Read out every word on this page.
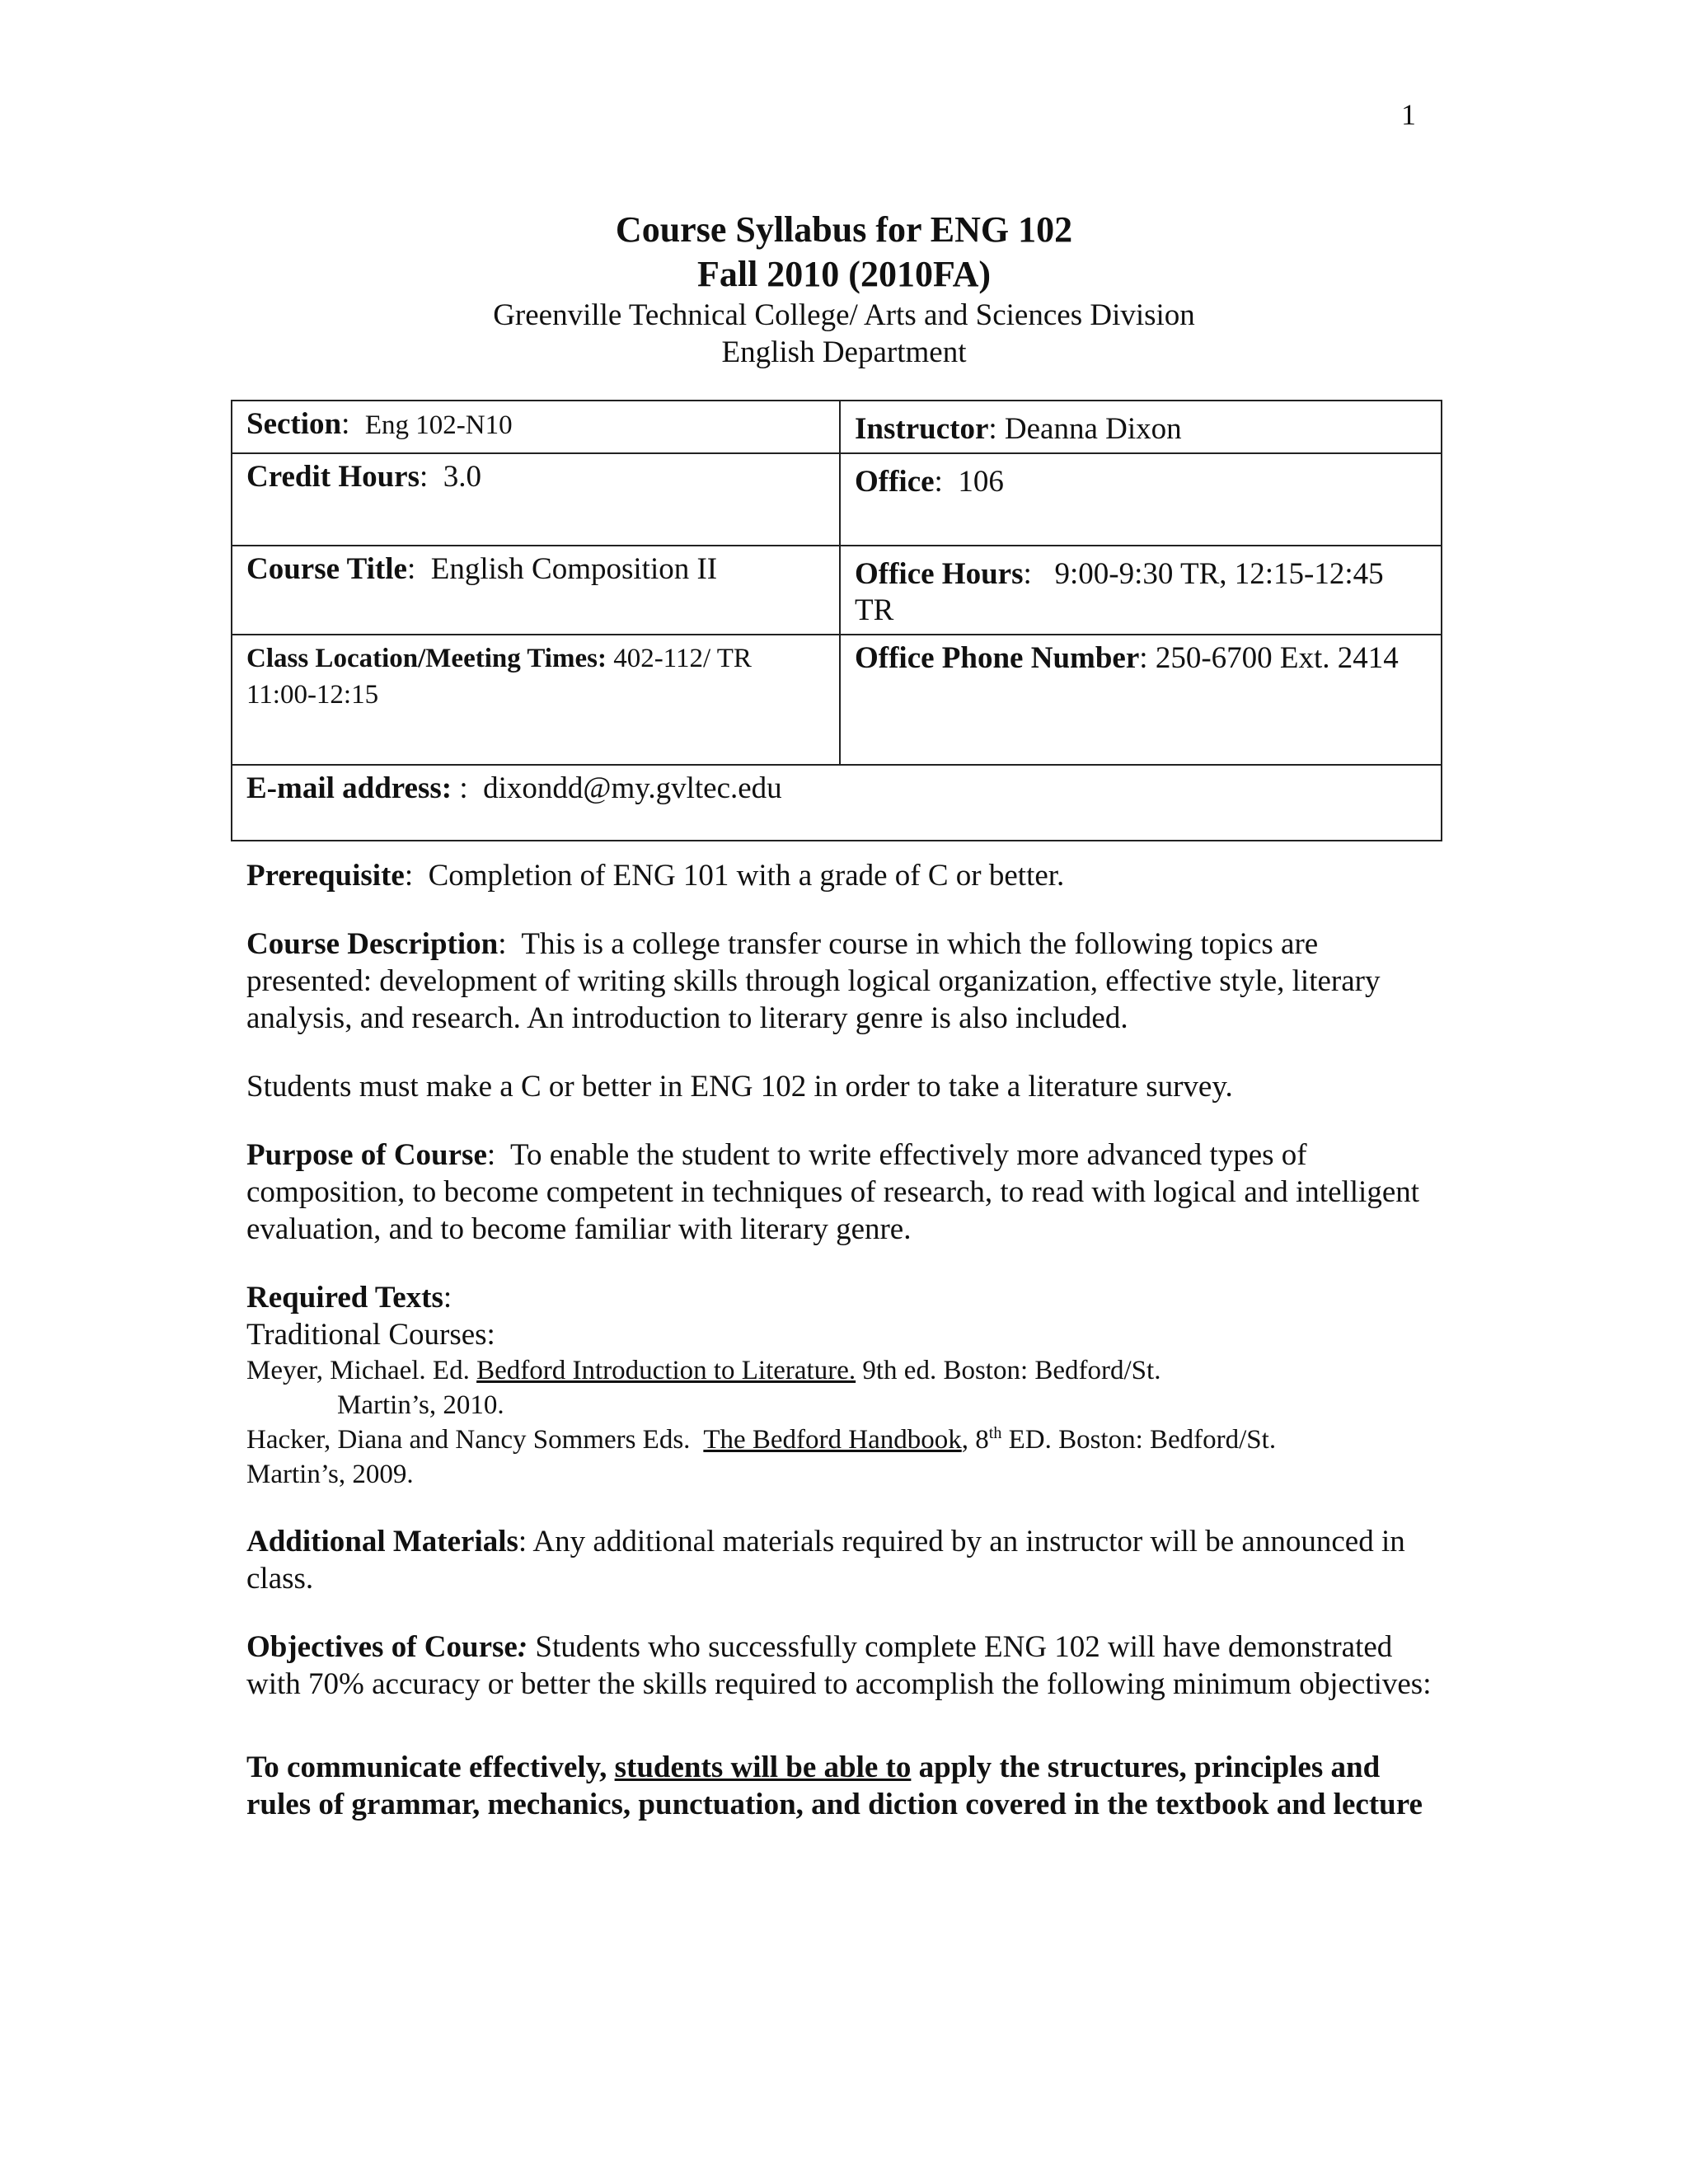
1
Course Syllabus for ENG 102
Fall 2010 (2010FA)
Greenville Technical College/ Arts and Sciences Division
English Department
Section:  Eng 102-N10	Instructor: Deanna Dixon
Credit Hours:  3.0	Office:  106
Course Title:  English Composition II	Office Hours:   9:00-9:30 TR, 12:15-12:45 TR
Class Location/Meeting Times: 402-112/ TR 11:00-12:15	Office Phone Number: 250-6700 Ext. 2414
E-mail address: : dixondd@my.gvltec.edu	

Prerequisite:  Completion of ENG 101 with a grade of C or better.

Course Description:  This is a college transfer course in which the following topics are presented: development of writing skills through logical organization, effective style, literary analysis, and research. An introduction to literary genre is also included.

Students must make a C or better in ENG 102 in order to take a literature survey.

Purpose of Course:  To enable the student to write effectively more advanced types of composition, to become competent in techniques of research, to read with logical and intelligent evaluation, and to become familiar with literary genre.

Required Texts:
Traditional Courses:
Meyer, Michael. Ed. Bedford Introduction to Literature. 9th ed. Boston: Bedford/St.
Martin’s, 2010.
Hacker, Diana and Nancy Sommers Eds. The Bedford Handbook, 8th ED. Boston: Bedford/St.
Martin’s, 2009.

Additional Materials: Any additional materials required by an instructor will be announced in class.

Objectives of Course: Students who successfully complete ENG 102 will have demonstrated with 70% accuracy or better the skills required to accomplish the following minimum objectives:

To communicate effectively, students will be able to apply the structures, principles and rules of grammar, mechanics, punctuation, and diction covered in the textbook and lecture
